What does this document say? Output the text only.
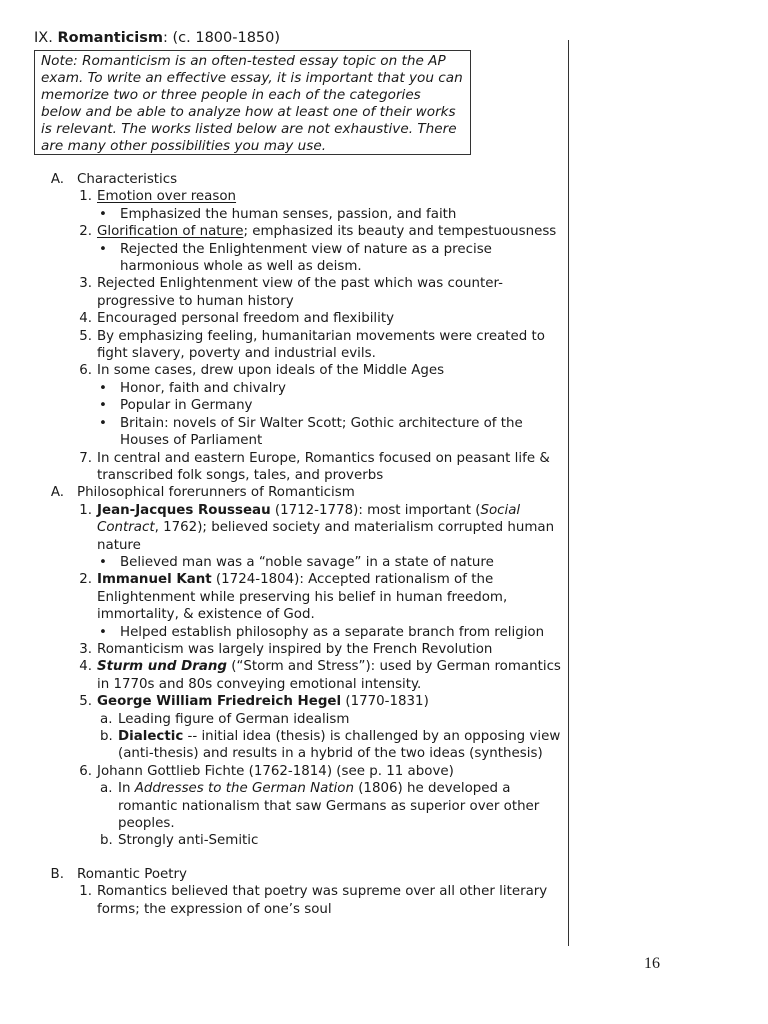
IX. Romanticism: (c. 1800-1850)
Note: Romanticism is an often-tested essay topic on the AP exam. To write an effective essay, it is important that you can memorize two or three people in each of the categories below and be able to analyze how at least one of their works is relevant. The works listed below are not exhaustive. There are many other possibilities you may use.
A. Characteristics
1. Emotion over reason
• Emphasized the human senses, passion, and faith
2. Glorification of nature; emphasized its beauty and tempestuousness
• Rejected the Enlightenment view of nature as a precise harmonious whole as well as deism.
3. Rejected Enlightenment view of the past which was counter-progressive to human history
4. Encouraged personal freedom and flexibility
5. By emphasizing feeling, humanitarian movements were created to fight slavery, poverty and industrial evils.
6. In some cases, drew upon ideals of the Middle Ages
• Honor, faith and chivalry
• Popular in Germany
• Britain: novels of Sir Walter Scott; Gothic architecture of the Houses of Parliament
7. In central and eastern Europe, Romantics focused on peasant life & transcribed folk songs, tales, and proverbs
A. Philosophical forerunners of Romanticism
1. Jean-Jacques Rousseau (1712-1778): most important (Social Contract, 1762); believed society and materialism corrupted human nature
• Believed man was a “noble savage” in a state of nature
2. Immanuel Kant (1724-1804): Accepted rationalism of the Enlightenment while preserving his belief in human freedom, immortality, & existence of God.
• Helped establish philosophy as a separate branch from religion
3. Romanticism was largely inspired by the French Revolution
4. Sturm und Drang (“Storm and Stress”): used by German romantics in 1770s and 80s conveying emotional intensity.
5. George William Friedreich Hegel (1770-1831)
a. Leading figure of German idealism
b. Dialectic -- initial idea (thesis) is challenged by an opposing view (anti-thesis) and results in a hybrid of the two ideas (synthesis)
6. Johann Gottlieb Fichte (1762-1814) (see p. 11 above)
a. In Addresses to the German Nation (1806) he developed a romantic nationalism that saw Germans as superior over other peoples.
b. Strongly anti-Semitic
B. Romantic Poetry
1. Romantics believed that poetry was supreme over all other literary forms; the expression of one’s soul
16
